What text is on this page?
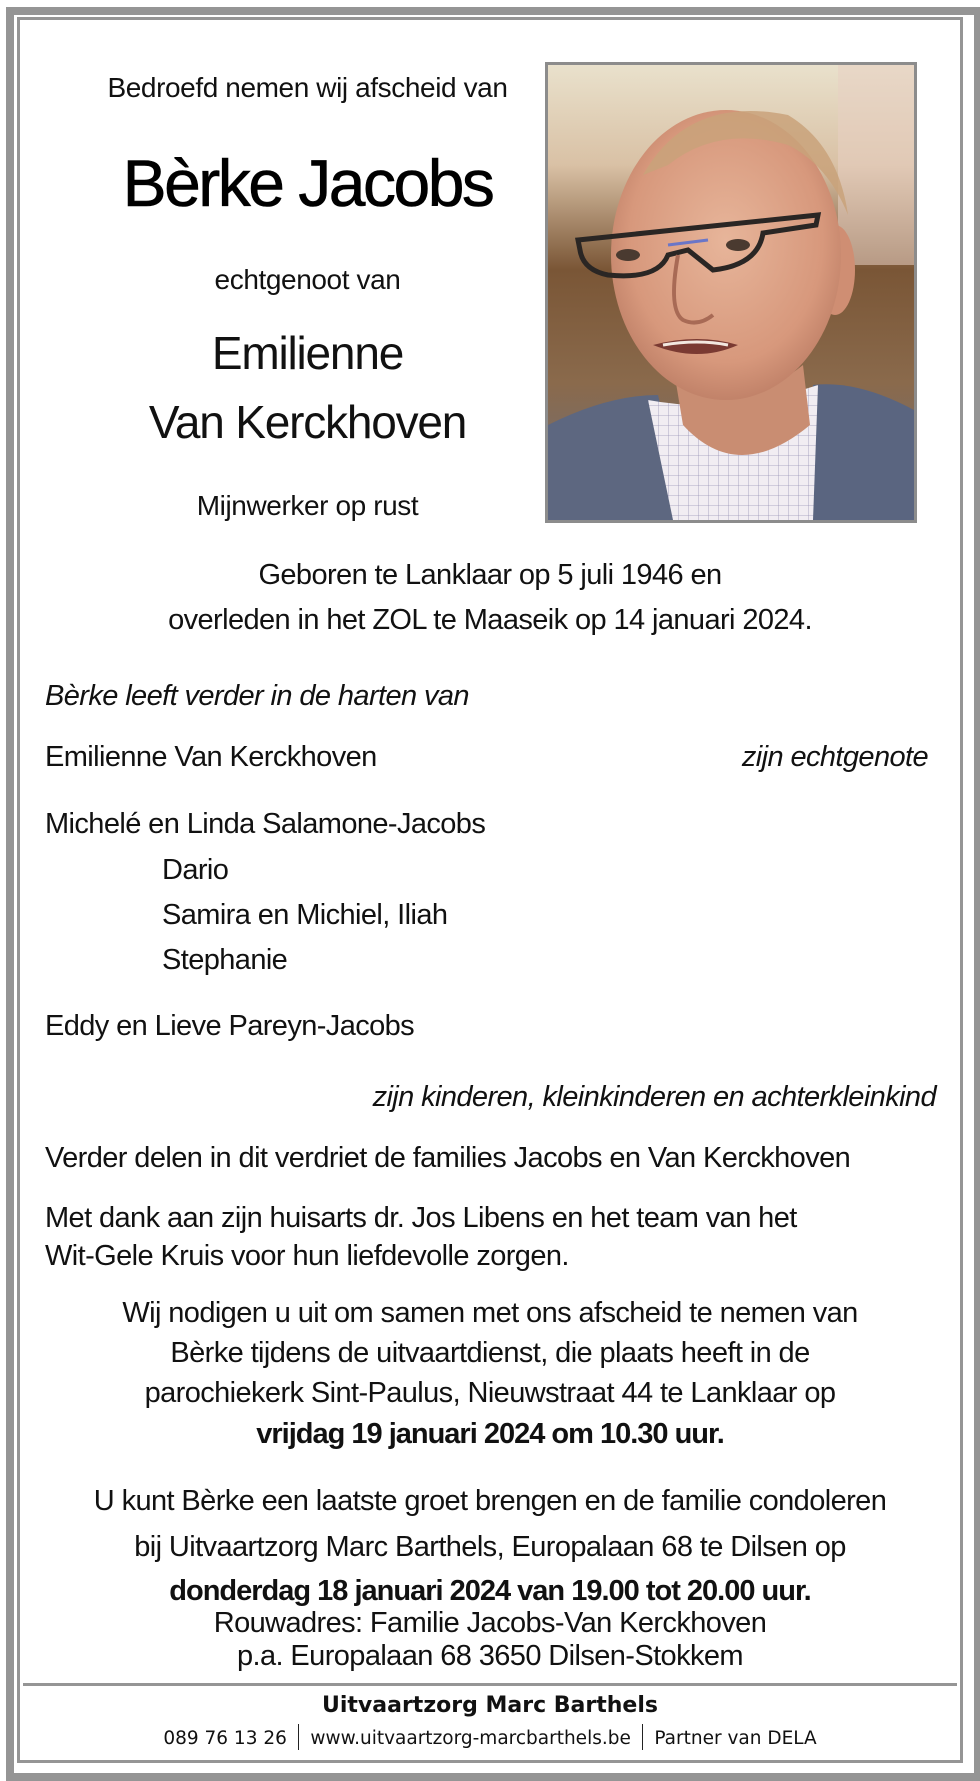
Bedroefd nemen wij afscheid van
Bèrke Jacobs
echtgenoot van
Emilienne
Van Kerckhoven
Mijnwerker op rust
Geboren te Lanklaar op 5 juli 1946 en
overleden in het ZOL te Maaseik op 14 januari 2024.
Bèrke leeft verder in de harten van
Emilienne Van Kerckhoven	zijn echtgenote
Michelé en Linda Salamone-Jacobs
Dario
Samira en Michiel, Iliah
Stephanie
Eddy en Lieve Pareyn-Jacobs
zijn kinderen, kleinkinderen en achterkleinkind
Verder delen in dit verdriet de families Jacobs en Van Kerckhoven
Met dank aan zijn huisarts dr. Jos Libens en het team van het
Wit-Gele Kruis voor hun liefdevolle zorgen.
Wij nodigen u uit om samen met ons afscheid te nemen van
Bèrke tijdens de uitvaartdienst, die plaats heeft in de
parochiekerk Sint-Paulus, Nieuwstraat 44 te Lanklaar op
vrijdag 19 januari 2024 om 10.30 uur.
U kunt Bèrke een laatste groet brengen en de familie condoleren
bij Uitvaartzorg Marc Barthels, Europalaan 68 te Dilsen op
donderdag 18 januari 2024 van 19.00 tot 20.00 uur.
Rouwadres: Familie Jacobs-Van Kerckhoven
p.a. Europalaan 68 3650 Dilsen-Stokkem
Uitvaartzorg Marc Barthels
089 76 13 26 www.uitvaartzorg-marcbarthels.be Partner van DELA
